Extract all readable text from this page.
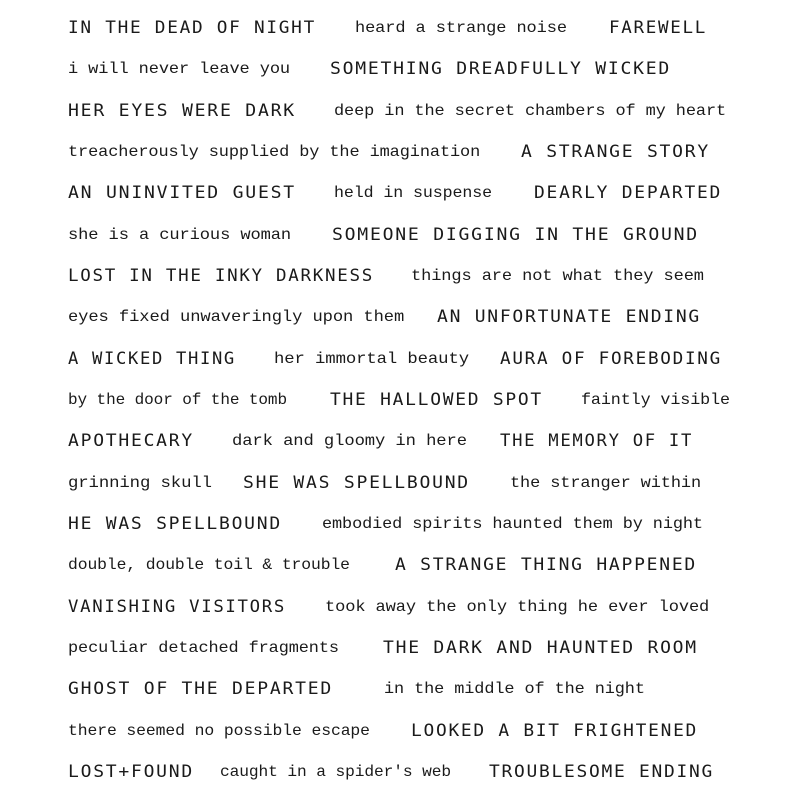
IN THE DEAD OF NIGHT heard a strange noise	FAREWELL
i will never leave you SOMETHING DREADFULLY WICKED
HER EYES WERE DARK deep in the secret chambers of my heart
treacherously supplied by the imagination A STRANGE STORY
AN UNINVITED GUEST held in suspense	DEARLY DEPARTED
she is a curious woman SOMEONE DIGGING IN THE GROUND
LOST IN THE INKY DARKNESS things are not what they seem
eyes fixed unwaveringly upon them AN UNFORTUNATE ENDING
A WICKED THING her immortal beauty AURA OF FOREBODING
by the door of the tomb	THE HALLOWED SPOT faintly visible
APOTHECARY dark and gloomy in here THE MEMORY OF IT
grinning skull SHE WAS SPELLBOUND	the stranger within
HE WAS SPELLBOUND	embodied spirits haunted them by night
double, double toil & trouble	A STRANGE THING HAPPENED
VANISHING VISITORS took away the only thing he ever loved
peculiar detached fragments	THE DARK AND HAUNTED ROOM
GHOST OF THE DEPARTED	in the middle of the night
there seemed no possible escape LOOKED A BIT FRIGHTENED
LOST+FOUND caught in a spider's web TROUBLESOME ENDING
